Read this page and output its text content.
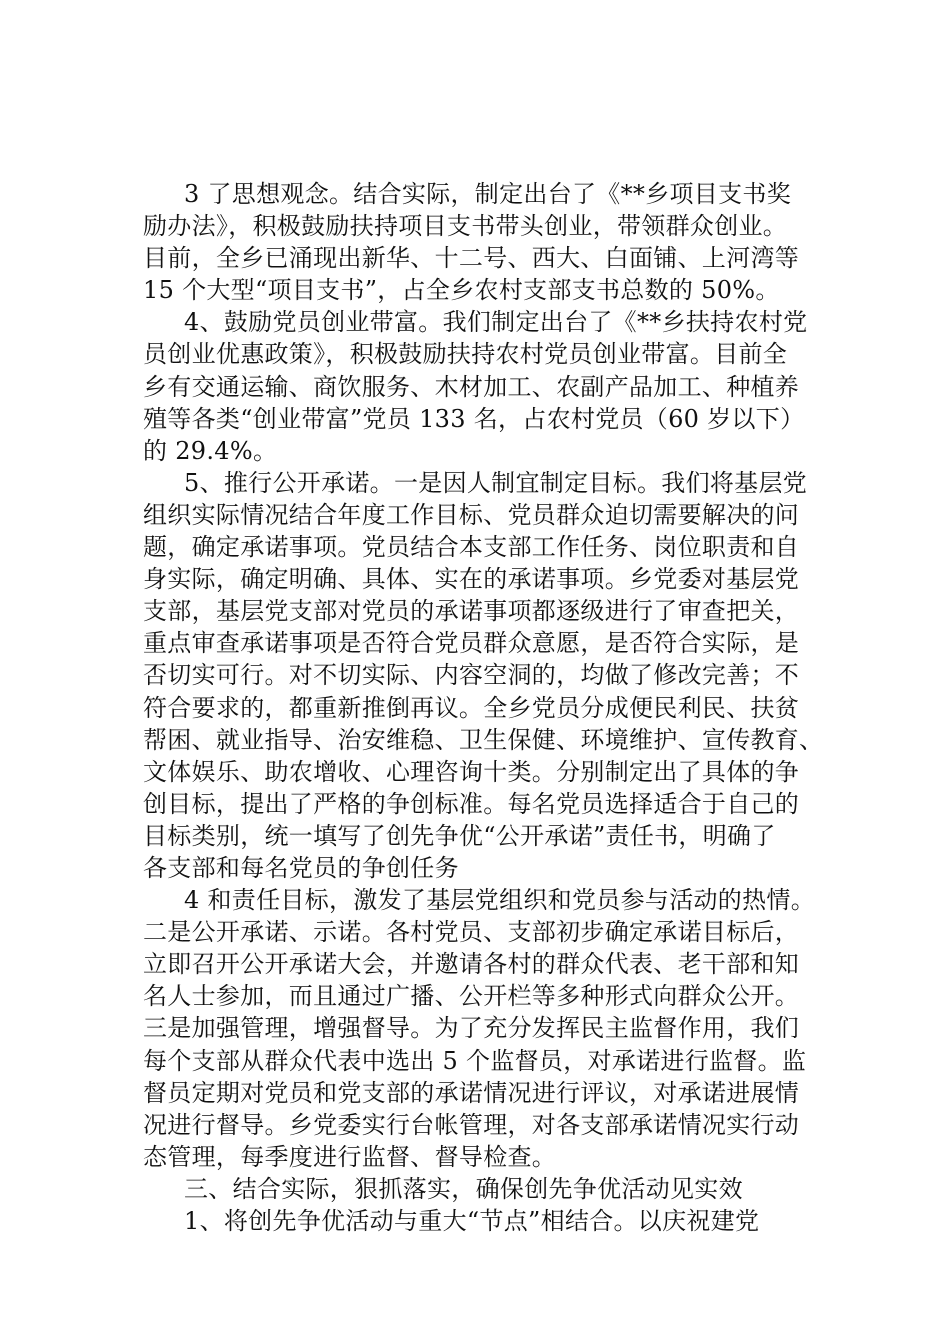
3 了思想观念。结合实际，制定出台了《**乡项目支书奖
励办法》，积极鼓励扶持项目支书带头创业，带领群众创业。
目前，全乡已涌现出新华、十二号、西大、白面铺、上河湾等
15 个大型“项目支书”，占全乡农村支部支书总数的 50%。
4、鼓励党员创业带富。我们制定出台了《**乡扶持农村党
员创业优惠政策》，积极鼓励扶持农村党员创业带富。目前全
乡有交通运输、商饮服务、木材加工、农副产品加工、种植养
殖等各类“创业带富”党员 133 名，占农村党员（60 岁以下）
的 29.4%。
5、推行公开承诺。一是因人制宜制定目标。我们将基层党
组织实际情况结合年度工作目标、党员群众迫切需要解决的问
题，确定承诺事项。党员结合本支部工作任务、岗位职责和自
身实际，确定明确、具体、实在的承诺事项。乡党委对基层党
支部，基层党支部对党员的承诺事项都逐级进行了审查把关，
重点审查承诺事项是否符合党员群众意愿，是否符合实际，是
否切实可行。对不切实际、内容空洞的，均做了修改完善；不
符合要求的，都重新推倒再议。全乡党员分成便民利民、扶贫
帮困、就业指导、治安维稳、卫生保健、环境维护、宣传教育、
文体娱乐、助农增收、心理咨询十类。分别制定出了具体的争
创目标，提出了严格的争创标准。每名党员选择适合于自己的
目标类别，统一填写了创先争优“公开承诺”责任书，明确了
各支部和每名党员的争创任务
4 和责任目标，激发了基层党组织和党员参与活动的热情。
二是公开承诺、示诺。各村党员、支部初步确定承诺目标后，
立即召开公开承诺大会，并邀请各村的群众代表、老干部和知
名人士参加，而且通过广播、公开栏等多种形式向群众公开。
三是加强管理，增强督导。为了充分发挥民主监督作用，我们
每个支部从群众代表中选出 5 个监督员，对承诺进行监督。监
督员定期对党员和党支部的承诺情况进行评议，对承诺进展情
况进行督导。乡党委实行台帐管理，对各支部承诺情况实行动
态管理，每季度进行监督、督导检查。
三、结合实际，狠抓落实，确保创先争优活动见实效
1、将创先争优活动与重大“节点”相结合。以庆祝建党
